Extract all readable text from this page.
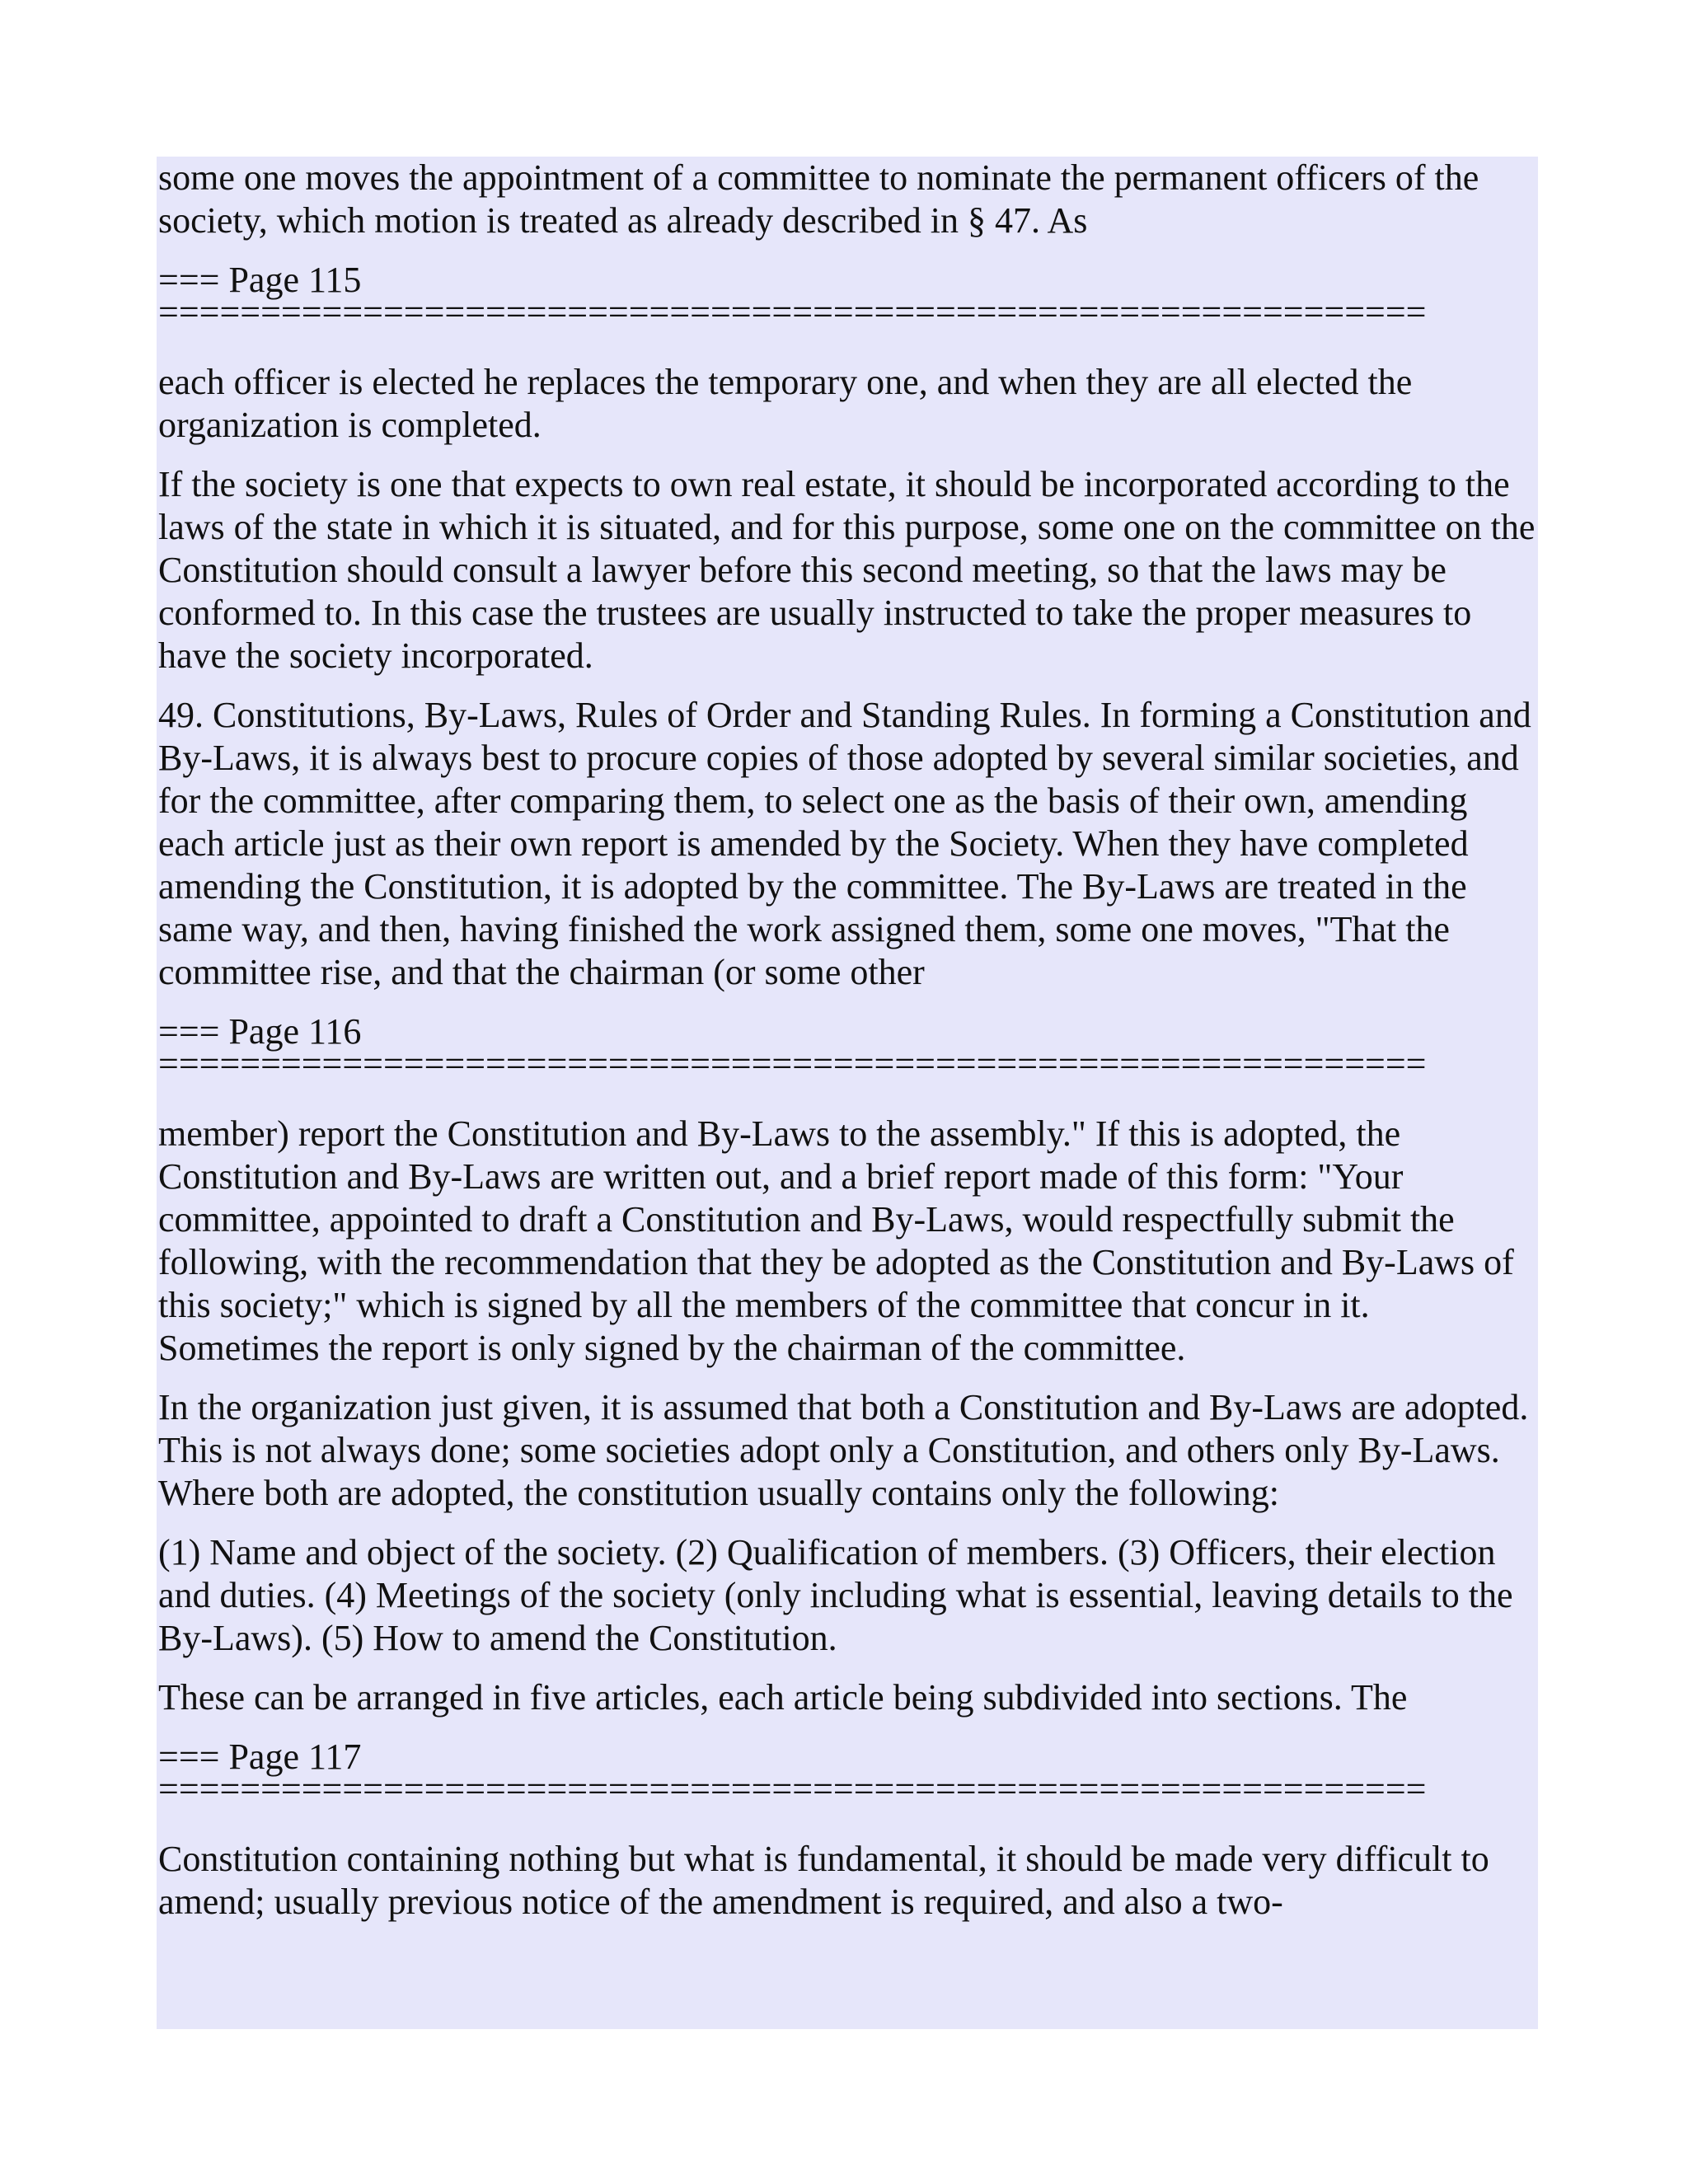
some one moves the appointment of a committee to nominate the permanent officers of the society, which motion is treated as already described in § 47. As

=== Page 115
==============================================================

each officer is elected he replaces the temporary one, and when they are all elected the organization is completed.

If the society is one that expects to own real estate, it should be incorporated according to the laws of the state in which it is situated, and for this purpose, some one on the committee on the Constitution should consult a lawyer before this second meeting, so that the laws may be conformed to. In this case the trustees are usually instructed to take the proper measures to have the society incorporated.

49. Constitutions, By-Laws, Rules of Order and Standing Rules. In forming a Constitution and By-Laws, it is always best to procure copies of those adopted by several similar societies, and for the committee, after comparing them, to select one as the basis of their own, amending each article just as their own report is amended by the Society. When they have completed amending the Constitution, it is adopted by the committee. The By-Laws are treated in the same way, and then, having finished the work assigned them, some one moves, "That the committee rise, and that the chairman (or some other

=== Page 116
==============================================================

member) report the Constitution and By-Laws to the assembly." If this is adopted, the Constitution and By-Laws are written out, and a brief report made of this form: "Your committee, appointed to draft a Constitution and By-Laws, would respectfully submit the following, with the recommendation that they be adopted as the Constitution and By-Laws of this society;" which is signed by all the members of the committee that concur in it. Sometimes the report is only signed by the chairman of the committee.

In the organization just given, it is assumed that both a Constitution and By-Laws are adopted. This is not always done; some societies adopt only a Constitution, and others only By-Laws. Where both are adopted, the constitution usually contains only the following:

(1) Name and object of the society. (2) Qualification of members. (3) Officers, their election and duties. (4) Meetings of the society (only including what is essential, leaving details to the By-Laws). (5) How to amend the Constitution.

These can be arranged in five articles, each article being subdivided into sections. The

=== Page 117
==============================================================

Constitution containing nothing but what is fundamental, it should be made very difficult to amend; usually previous notice of the amendment is required, and also a two-
